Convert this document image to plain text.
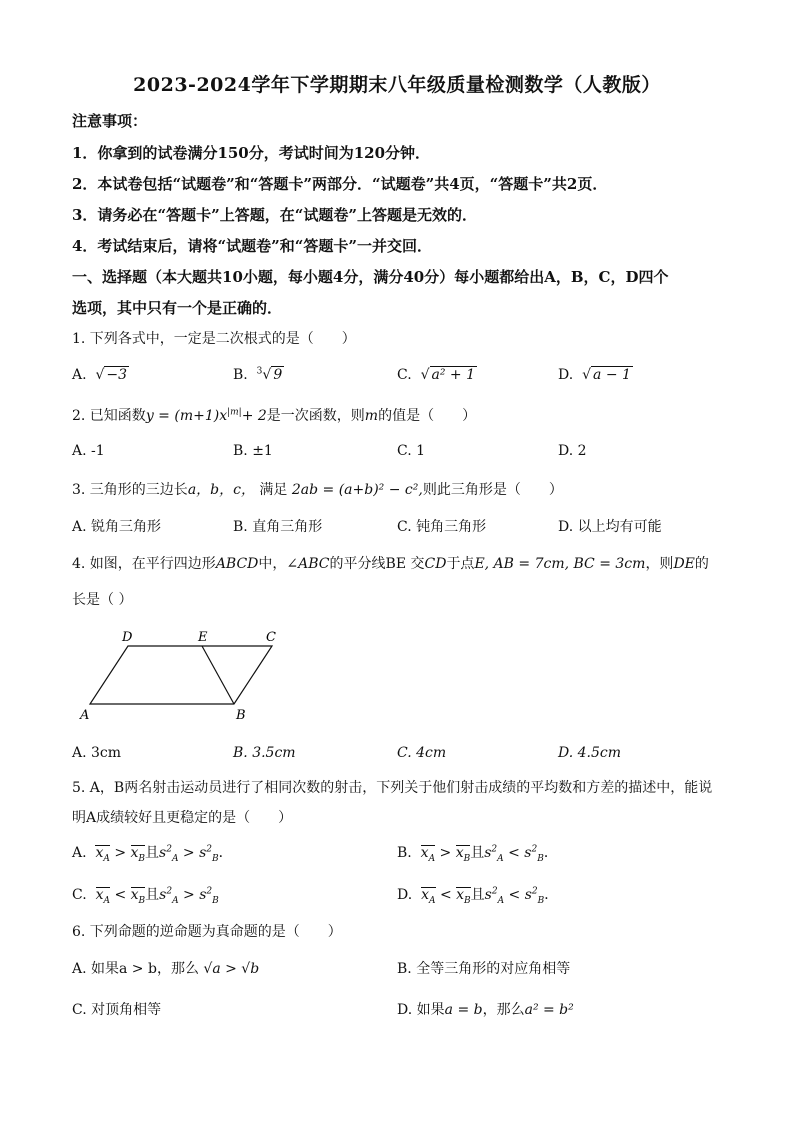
2023-2024学年下学期期末八年级质量检测数学（人教版）
注意事项：
1．你拿到的试卷满分150分，考试时间为120分钟．
2．本试卷包括“试题卷”和“答题卡”两部分．“试题卷”共4页，“答题卡”共2页．
3．请务必在“答题卡”上答题，在“试题卷”上答题是无效的．
4．考试结束后，请将“试题卷”和“答题卡”一并交回．
一、选择题（本大题共10小题，每小题4分，满分40分）每小题都给出A，B，C，D四个
选项，其中只有一个是正确的．
1. 下列各式中，一定是二次根式的是（　　）
A.  √ −3	B. $^3$√ 9	C.  √ a² + 1	D.  √ a − 1
2. 已知函数$y = (m+1)x^{|m|}+ 2$是一次函数，则m的值是（　　）
A. -1	B. ±1	C. 1	D. 2
3. 三角形的三边长a，b，c， 满足 2ab = (a+b)² − c²,则此三角形是（　　）
A. 锐角三角形	B. 直角三角形	C. 钝角三角形	D. 以上均有可能
4. 如图，在平行四边形ABCD中，∠ABC的平分线BE 交CD于点E, AB = 7cm, BC = 3cm，则DE的
长是（ ）
D	E	C
A	B
A. 3cm	B. 3.5cm	C. 4cm	D. 4.5cm
5. A，B两名射击运动员进行了相同次数的射击，下列关于他们射击成绩的平均数和方差的描述中，能说
明A成绩较好且更稳定的是（　　）
A. $x_A > x_B$且$s^2_A > s^2_B$．	B. $x_A > x_B$且$s^2_A < s^2_B$．
C. $x_A < x_B$且$s^2_A > s^2_B$	D. $x_A < x_B$且$s^2_A < s^2_B$．
6. 下列命题的逆命题为真命题的是（　　）
A. 如果a > b，那么 √a > √b	B. 全等三角形的对应角相等
C. 对顶角相等	D. 如果a = b，那么a² = b²
